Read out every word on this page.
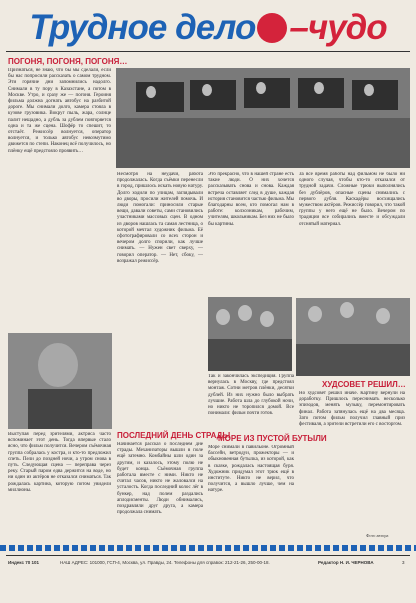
Трудное дело –чудо
ПОГОНЯ, ПОГОНЯ, ПОГОНЯ…
Признаться, не знаю, что бы мы сделали, если бы нас попросили рассказать о самом трудном. Эти горячие дни запомнились надолго. Снимали в ту пору в Казахстане, а потом в Москве. Утро, и сразу же — погоня. Героиня фильма должна догнать автобус на разбитой дороге. Мы снимали долго, камера стояла в кузове грузовика. Вокруг пыль, жара, солнце палит нещадно, а дубль за дублем повторяется одна и та же сцена. Шофёр то спешит, то отстаёт. Режиссёр волнуется, оператор волнуется, и только автобус невозмутимо движется по степи. Наконец всё получилось, но плёнку ещё предстояло проявить…
Выступая перед зрителями, актриса часто вспоминает этот день. Тогда впервые стало ясно, что фильм получится. Вечером съёмочная группа собралась у костра, и кто-то предложил спеть. Пели до поздней ночи, а утром снова в путь. Следующая сцена — переправа через реку. Старый паром едва держится на воде, но ни один из актёров не отказался сниматься. Так рождалась картина, которую потом увидели миллионы.
Несмотря на неудачи, работа продолжалась. Когда съёмки перенесли в город, пришлось искать новую натуру. Долго ходили по улицам, заглядывали во дворы, просили жителей помочь. И люди помогали: приносили старые вещи, давали советы, сами становились участниками массовых сцен. В одном из дворов нашлась та самая лестница, о которой мечтал художник фильма. Её сфотографировали со всех сторон и вечером долго спорили, как лучше снимать. — Нужен свет сверху, — говорил оператор. — Нет, сбоку, — возражал режиссёр.
ПОСЛЕДНИЙ ДЕНЬ СТРАДЫ
Начинается рассказ о последнем дне страды. Механизаторы вышли в поле ещё затемно. Комбайны шли один за другим, и казалось, этому полю не будет конца. Съёмочная группа работала вместе с ними. Никто не считал часов, никто не жаловался на усталость. Когда последний колос лёг в бункер, над полем раздались аплодисменты. Люди обнимались, поздравляли друг друга, а камера продолжала снимать.
Это прекрасно, что в нашей стране есть такие люди. О них хочется рассказывать снова и снова. Каждая встреча оставляет след в душе, каждая история становится частью фильма. Мы благодарны всем, кто помогал нам в работе: колхозникам, рабочим, учителям, школьникам. Без них не было бы картины.
Так и закончилась экспедиция. Группа вернулась в Москву, где предстоял монтаж. Сотни метров плёнки, десятки дублей. Из них нужно было выбрать лучшие. Работа шла до глубокой ночи, но никто не торопился домой. Все понимали: фильм почти готов.
МОРЕ ИЗ ПУСТОЙ БУТЫЛИ
Море снимали в павильоне. Огромный бассейн, ветродуи, прожекторы — и обыкновенная бутылка, из которой, как в сказке, рождалась настоящая буря. Художник придумал этот трюк ещё в институте. Никто не верил, что получится, а вышло лучше, чем на натуре.
За всё время работы над фильмом не было ни одного случая, чтобы кто-то отказался от трудной задачи. Сложные трюки выполнялись без дублёров, опасные сцены снимались с первого дубля. Каскадёры восхищались мужеством актёров. Режиссёр говорил, что такой группы у него ещё не было. Вечером по традиции все собирались вместе и обсуждали отснятый материал.
ХУДСОВЕТ РЕШИЛ…
Но худсовет решил иначе. Картину вернули на доработку. Пришлось переснимать несколько эпизодов, менять музыку, перемонтировать финал. Работа затянулась ещё на два месяца. Зато потом фильм получил главный приз фестиваля, а зрители встретили его с восторгом.
Фото автора
Индекс 70 101	НАШ АДРЕС: 101000, ГСП-4, Москва, ул. Правды, 24. Телефоны для справок: 212-21-26, 250-00-18.	Редактор Н. И. ЧЕРНОВА	3
